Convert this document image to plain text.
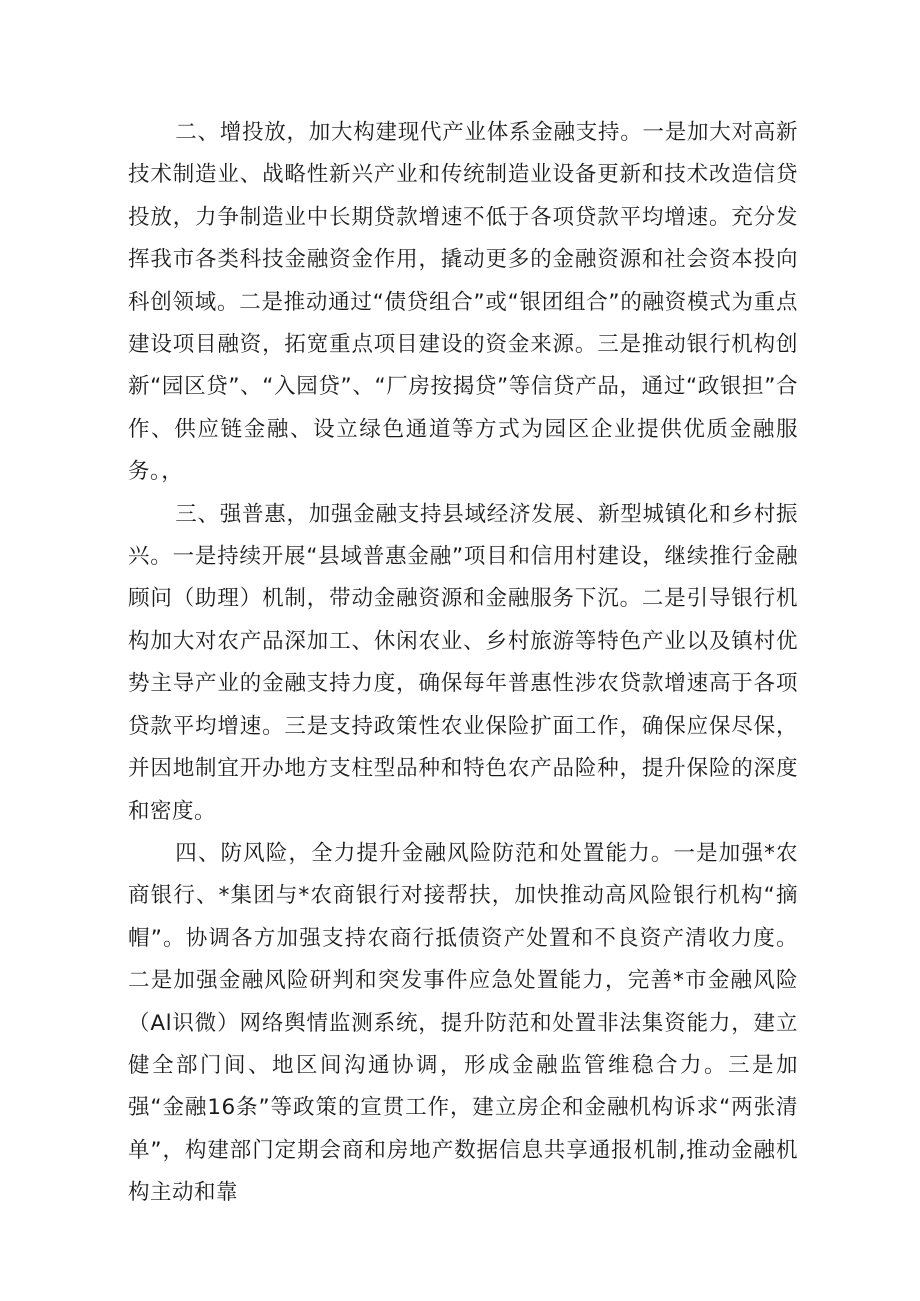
二、增投放，加大构建现代产业体系金融支持。一是加大对高新技术制造业、战略性新兴产业和传统制造业设备更新和技术改造信贷投放，力争制造业中长期贷款增速不低于各项贷款平均增速。充分发挥我市各类科技金融资金作用，撬动更多的金融资源和社会资本投向科创领域。二是推动通过“债贷组合”或“银团组合”的融资模式为重点建设项目融资，拓宽重点项目建设的资金来源。三是推动银行机构创新“园区贷”、“入园贷”、“厂房按揭贷”等信贷产品，通过“政银担”合作、供应链金融、设立绿色通道等方式为园区企业提供优质金融服务。，

三、强普惠，加强金融支持县域经济发展、新型城镇化和乡村振兴。一是持续开展“县域普惠金融”项目和信用村建设，继续推行金融顾问（助理）机制，带动金融资源和金融服务下沉。二是引导银行机构加大对农产品深加工、休闲农业、乡村旅游等特色产业以及镇村优势主导产业的金融支持力度，确保每年普惠性涉农贷款增速高于各项贷款平均增速。三是支持政策性农业保险扩面工作，确保应保尽保，并因地制宜开办地方支柱型品种和特色农产品险种，提升保险的深度和密度。

四、防风险，全力提升金融风险防范和处置能力。一是加强*农商银行、*集团与*农商银行对接帮扶，加快推动高风险银行机构“摘帽”。协调各方加强支持农商行抵债资产处置和不良资产清收力度。二是加强金融风险研判和突发事件应急处置能力，完善*市金融风险（Al识微）网络舆情监测系统，提升防范和处置非法集资能力，建立健全部门间、地区间沟通协调，形成金融监管维稳合力。三是加强“金融16条”等政策的宣贯工作，建立房企和金融机构诉求“两张清单”，构建部门定期会商和房地产数据信息共享通报机制,推动金融机构主动和靠
